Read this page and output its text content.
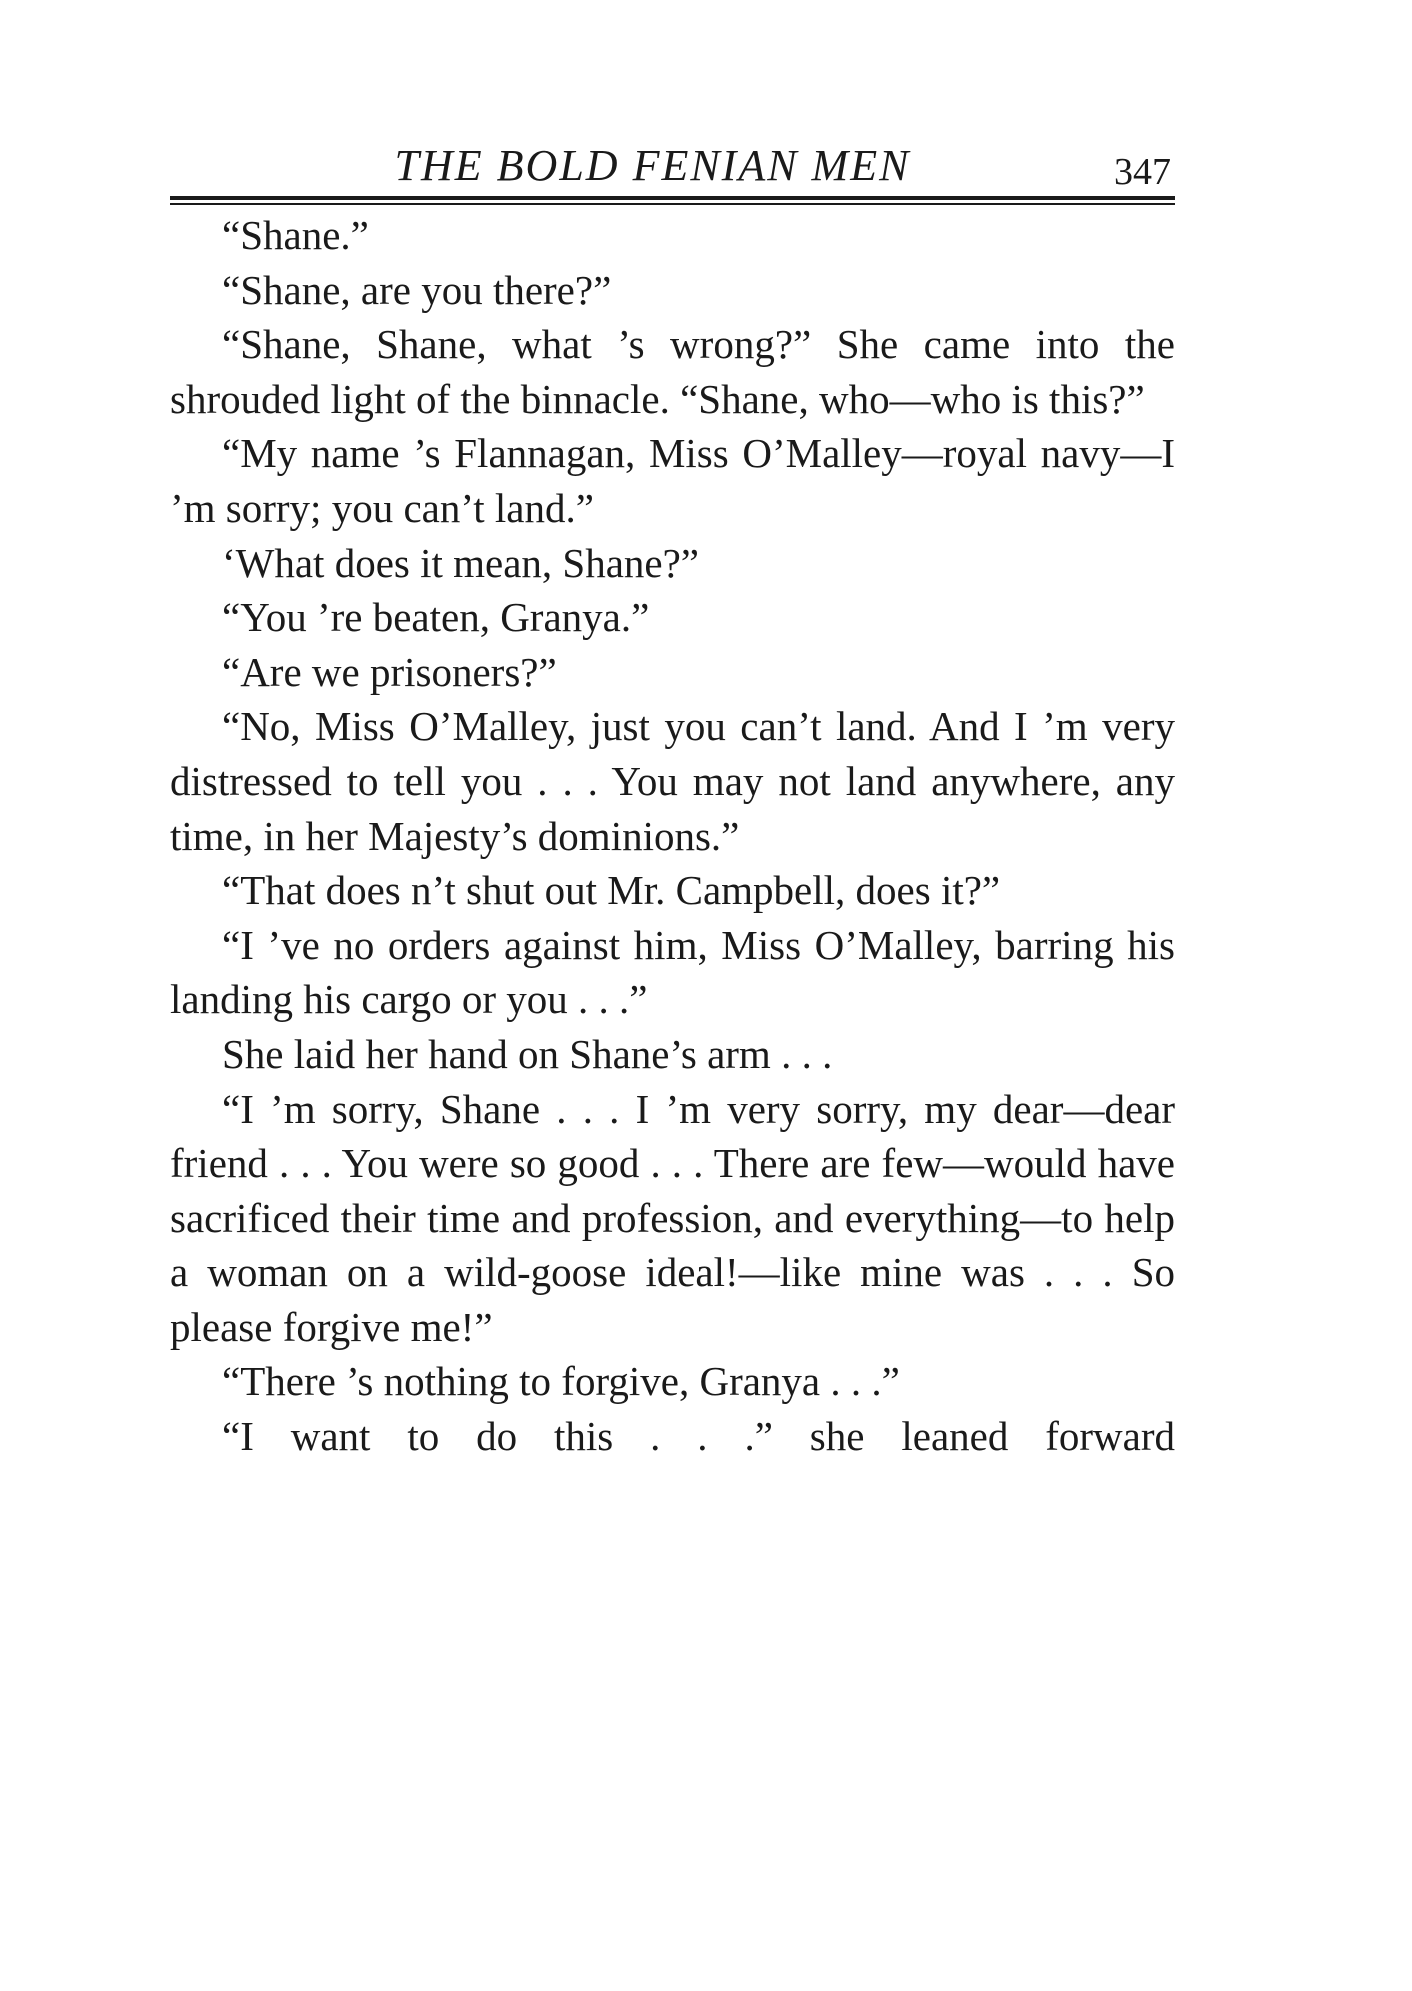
THE BOLD FENIAN MEN	347

“Shane.”

“Shane, are you there?”

“Shane, Shane, what ’s wrong?” She came into the shrouded light of the binnacle. “Shane, who—who is this?”

“My name ’s Flannagan, Miss O’Malley—royal navy—I ’m sorry; you can’t land.”

‘What does it mean, Shane?”

“You ’re beaten, Granya.”

“Are we prisoners?”

“No, Miss O’Malley, just you can’t land. And I ’m very distressed to tell you . . . You may not land anywhere, any time, in her Majesty’s dominions.”

“That does n’t shut out Mr. Campbell, does it?”

“I ’ve no orders against him, Miss O’Malley, barring his landing his cargo or you . . .”

She laid her hand on Shane’s arm . . .

“I ’m sorry, Shane . . . I ’m very sorry, my dear—dear friend . . . You were so good . . . There are few—would have sacrificed their time and profession, and everything—to help a woman on a wild-goose ideal!—like mine was . . . So please forgive me!”

“There ’s nothing to forgive, Granya . . .”

“I want to do this . . .” she leaned forward
